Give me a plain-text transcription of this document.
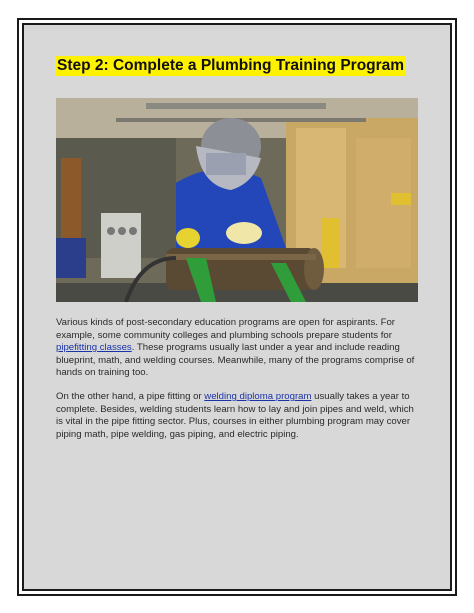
Step 2: Complete a Plumbing Training Program

Various kinds of post-secondary education programs are open for aspirants. For example, some community colleges and plumbing schools prepare students for pipefitting classes. These programs usually last under a year and include reading blueprint, math, and welding courses. Meanwhile, many of the programs comprise of hands on training too.

On the other hand, a pipe fitting or welding diploma program usually takes a year to complete. Besides, welding students learn how to lay and join pipes and weld, which is vital in the pipe fitting sector. Plus, courses in either plumbing program may cover piping math, pipe welding, gas piping, and electric piping.
